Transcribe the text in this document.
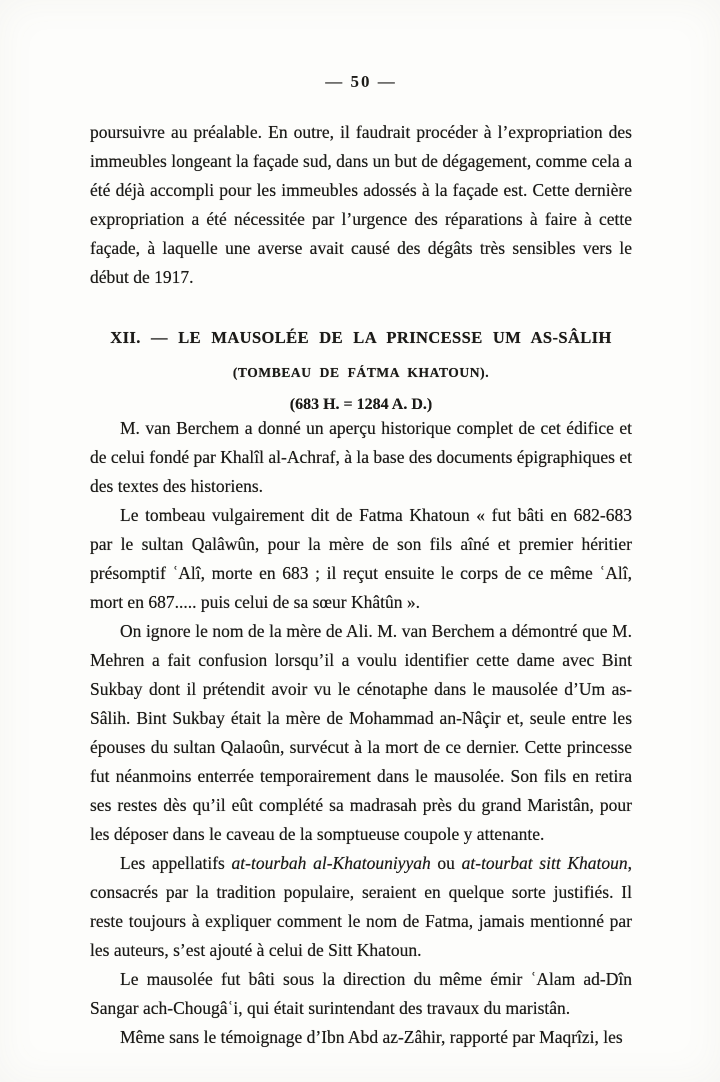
— 50 —

poursuivre au préalable. En outre, il faudrait procéder à l’expropriation des immeubles longeant la façade sud, dans un but de dégagement, comme cela a été déjà accompli pour les immeubles adossés à la façade est. Cette dernière expropriation a été nécessitée par l’urgence des réparations à faire à cette façade, à laquelle une averse avait causé des dégâts très sensibles vers le début de 1917.

XII. — LE MAUSOLÉE DE LA PRINCESSE UM AS-SÂLIH
(TOMBEAU DE FÁTMA KHATOUN).
(683 H. = 1284 A. D.)

M. van Berchem a donné un aperçu historique complet de cet édifice et de celui fondé par Khalîl al-Achraf, à la base des documents épigraphiques et des textes des historiens.

Le tombeau vulgairement dit de Fatma Khatoun « fut bâti en 682-683 par le sultan Qalâwûn, pour la mère de son fils aîné et premier héritier présomptif ʿAlî, morte en 683 ; il reçut ensuite le corps de ce même ʿAlî, mort en 687..... puis celui de sa sœur Khâtûn ».

On ignore le nom de la mère de Ali. M. van Berchem a démontré que M. Mehren a fait confusion lorsqu’il a voulu identifier cette dame avec Bint Sukbay dont il prétendit avoir vu le cénotaphe dans le mausolée d’Um as-Sâlih. Bint Sukbay était la mère de Mohammad an-Nâçir et, seule entre les épouses du sultan Qalaoûn, survécut à la mort de ce dernier. Cette princesse fut néanmoins enterrée temporairement dans le mausolée. Son fils en retira ses restes dès qu’il eût complété sa madrasah près du grand Maristân, pour les déposer dans le caveau de la somptueuse coupole y attenante.

Les appellatifs at-tourbah al-Khatouniyyah ou at-tourbat sitt Khatoun, consacrés par la tradition populaire, seraient en quelque sorte justifiés. Il reste toujours à expliquer comment le nom de Fatma, jamais mentionné par les auteurs, s’est ajouté à celui de Sitt Khatoun.

Le mausolée fut bâti sous la direction du même émir ʿAlam ad-Dîn Sangar ach-Chougâʿi, qui était surintendant des travaux du maristân.

Même sans le témoignage d’Ibn Abd az-Zâhir, rapporté par Maqrîzi, les
